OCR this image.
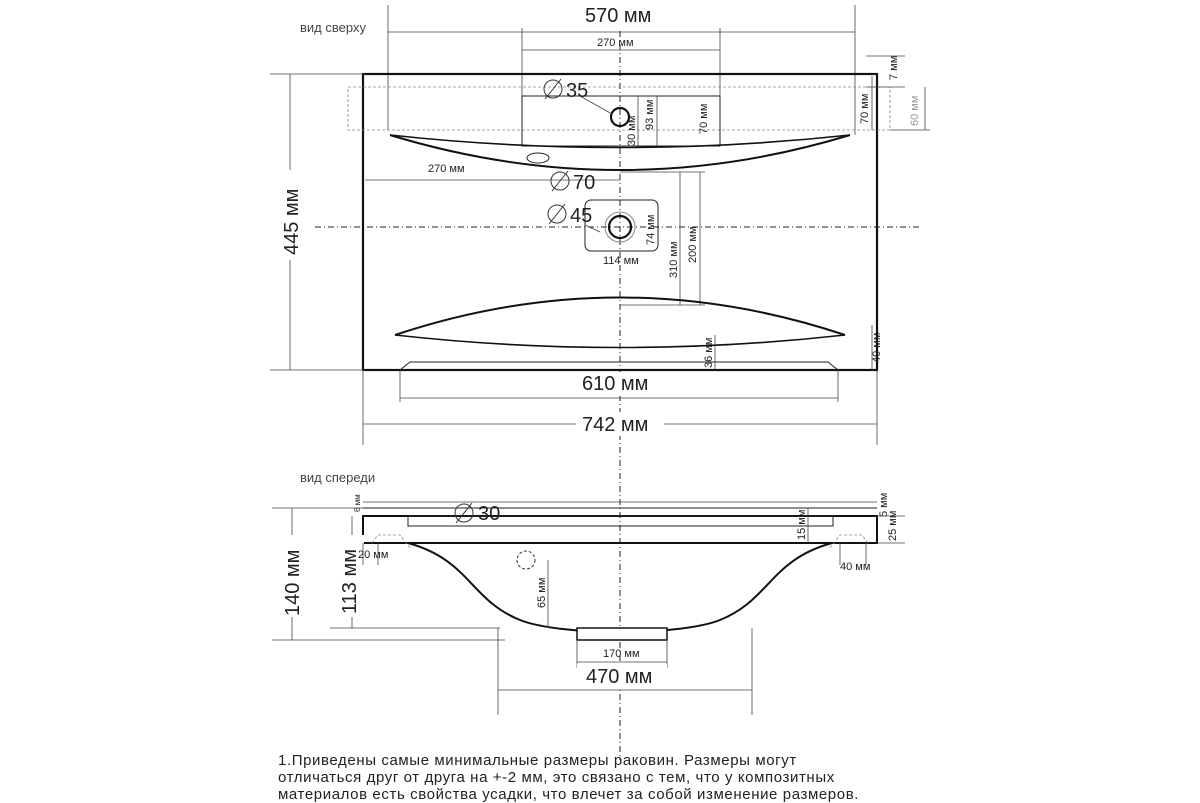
вид сверху
570 мм
270 мм
7 мм
60 мм
70 мм
35
30 мм
93 мм	70 мм
270 мм
70
45	74 мм
114 мм	310 мм 200 мм
445 мм
36 мм	40 мм
610 мм
742 мм
вид спереди
30
6 мм	5 мм
25 мм
15 мм
140 мм 113 мм
20 мм
40 мм
65 мм
170 мм
470 мм
1.Приведены самые минимальные размеры раковин. Размеры могут
отличаться друг от друга на +-2 мм, это связано с тем, что у композитных
материалов есть свойства усадки, что влечет за собой изменение размеров.
